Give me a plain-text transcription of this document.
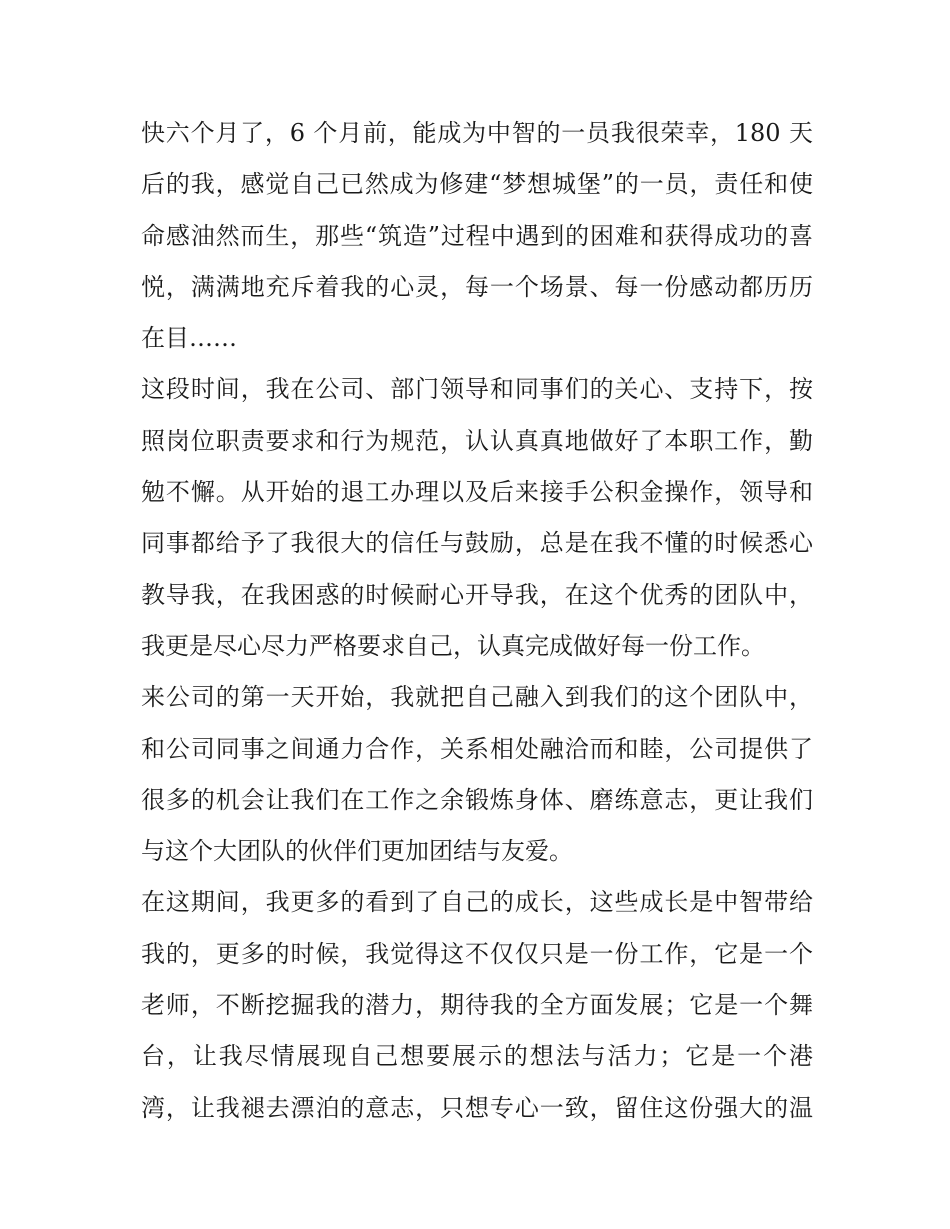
快六个月了，6 个月前，能成为中智的一员我很荣幸，180 天
后的我，感觉自己已然成为修建“梦想城堡”的一员，责任和使
命感油然而生，那些“筑造”过程中遇到的困难和获得成功的喜
悦，满满地充斥着我的心灵，每一个场景、每一份感动都历历
在目……
这段时间，我在公司、部门领导和同事们的关心、支持下，按
照岗位职责要求和行为规范，认认真真地做好了本职工作，勤
勉不懈。从开始的退工办理以及后来接手公积金操作，领导和
同事都给予了我很大的信任与鼓励，总是在我不懂的时候悉心
教导我，在我困惑的时候耐心开导我，在这个优秀的团队中，
我更是尽心尽力严格要求自己，认真完成做好每一份工作。
来公司的第一天开始，我就把自己融入到我们的这个团队中，
和公司同事之间通力合作，关系相处融洽而和睦，公司提供了
很多的机会让我们在工作之余锻炼身体、磨练意志，更让我们
与这个大团队的伙伴们更加团结与友爱。
在这期间，我更多的看到了自己的成长，这些成长是中智带给
我的，更多的时候，我觉得这不仅仅只是一份工作，它是一个
老师，不断挖掘我的潜力，期待我的全方面发展；它是一个舞
台，让我尽情展现自己想要展示的想法与活力；它是一个港
湾，让我褪去漂泊的意志，只想专心一致，留住这份强大的温
